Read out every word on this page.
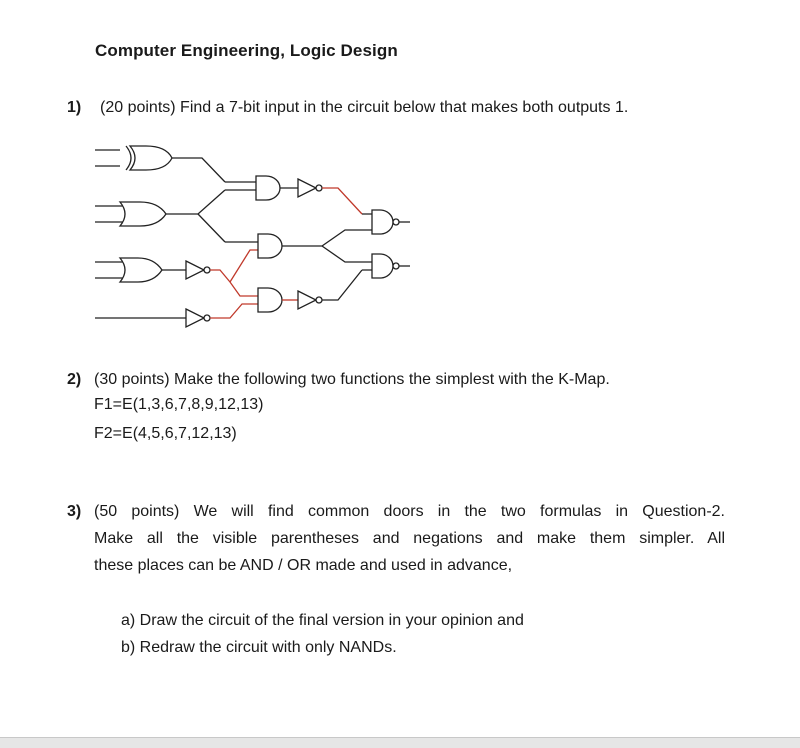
Computer Engineering, Logic Design
1) (20 points) Find a 7-bit input in the circuit below that makes both outputs 1.
2) (30 points) Make the following two functions the simplest with the K-Map.
F1=E(1,3,6,7,8,9,12,13)
F2=E(4,5,6,7,12,13)
3) (50 points) We will find common doors in the two formulas in Question-2.
Make all the visible parentheses and negations and make them simpler. All
these places can be AND / OR made and used in advance,
a) Draw the circuit of the final version in your opinion and
b) Redraw the circuit with only NANDs.
